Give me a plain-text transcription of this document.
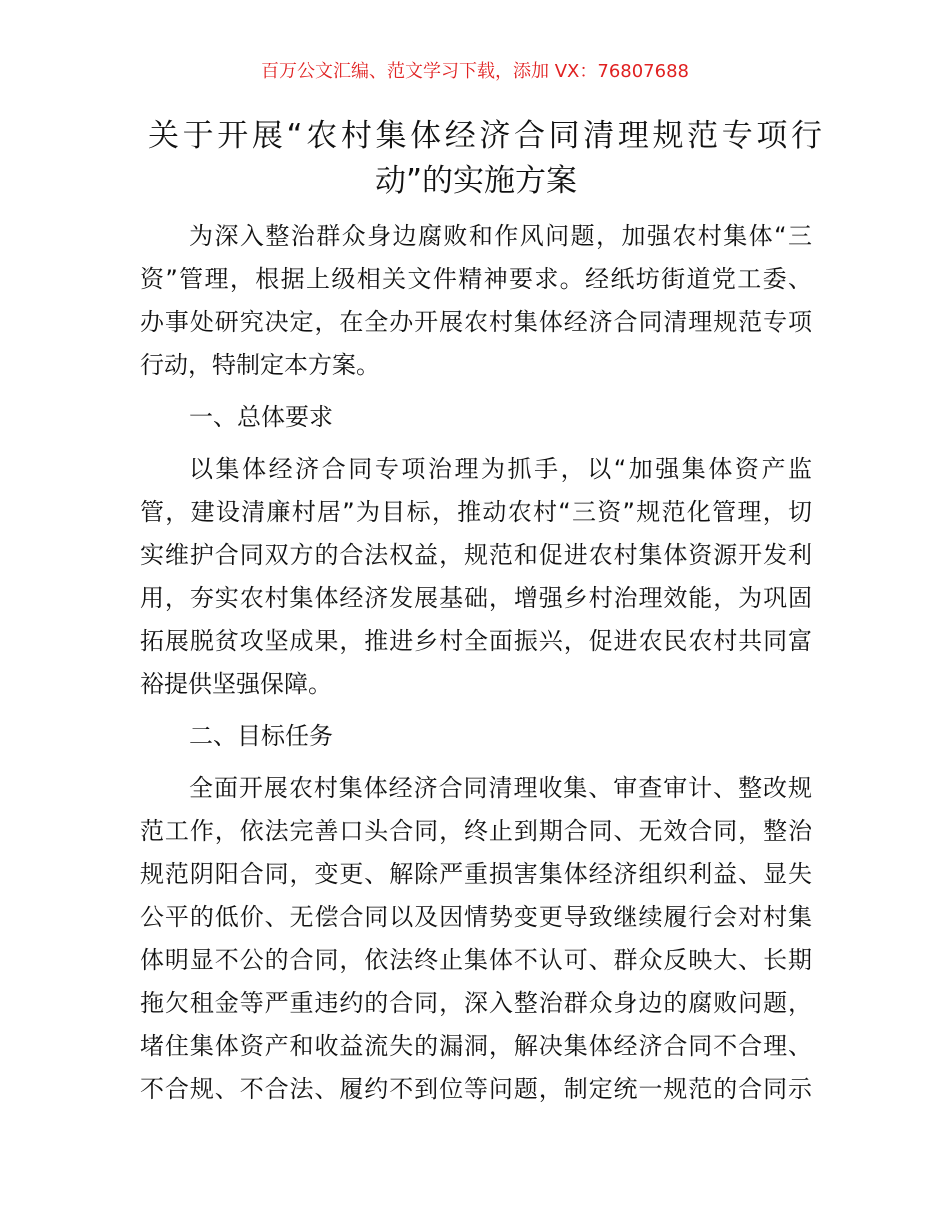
百万公文汇编、范文学习下载，添加 VX：76807688
关于开展“农村集体经济合同清理规范专项行
动”的实施方案
为深入整治群众身边腐败和作风问题，加强农村集体“三
资”管理，根据上级相关文件精神要求。经纸坊街道党工委、
办事处研究决定，在全办开展农村集体经济合同清理规范专项
行动，特制定本方案。
一、总体要求
以集体经济合同专项治理为抓手，以“加强集体资产监
管，建设清廉村居”为目标，推动农村“三资”规范化管理，切
实维护合同双方的合法权益，规范和促进农村集体资源开发利
用，夯实农村集体经济发展基础，增强乡村治理效能，为巩固
拓展脱贫攻坚成果，推进乡村全面振兴，促进农民农村共同富
裕提供坚强保障。
二、目标任务
全面开展农村集体经济合同清理收集、审查审计、整改规
范工作，依法完善口头合同，终止到期合同、无效合同，整治
规范阴阳合同，变更、解除严重损害集体经济组织利益、显失
公平的低价、无偿合同以及因情势变更导致继续履行会对村集
体明显不公的合同，依法终止集体不认可、群众反映大、长期
拖欠租金等严重违约的合同，深入整治群众身边的腐败问题，
堵住集体资产和收益流失的漏洞，解决集体经济合同不合理、
不合规、不合法、履约不到位等问题，制定统一规范的合同示
